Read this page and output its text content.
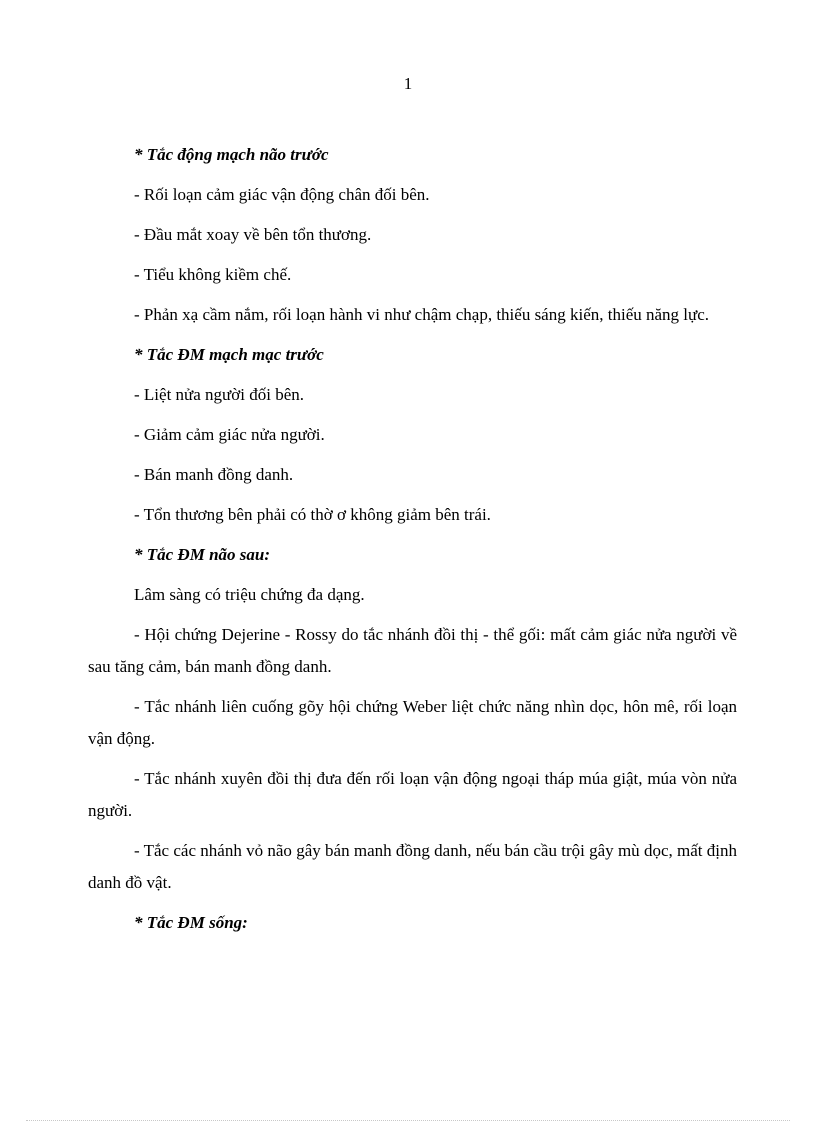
1

* Tắc động mạch não trước

- Rối loạn cảm giác vận động chân đối bên.

- Đầu mắt xoay về bên tổn thương.

- Tiểu không kiềm chế.

- Phản xạ cầm nắm, rối loạn hành vi như chậm chạp, thiếu sáng kiến, thiếu năng lực.

* Tắc ĐM mạch mạc trước

- Liệt nửa người đối bên.

- Giảm cảm giác nửa người.

- Bán manh đồng danh.

- Tổn thương bên phải có thờ ơ không giảm bên trái.

* Tắc ĐM não sau:

Lâm sàng có triệu chứng đa dạng.

- Hội chứng Dejerine - Rossy do tắc nhánh đồi thị - thể gối: mất cảm giác nửa người về sau tăng cảm, bán manh đồng danh.

- Tắc nhánh liên cuống gõy hội chứng Weber liệt chức năng nhìn dọc, hôn mê, rối loạn vận động.

- Tắc nhánh xuyên đồi thị đưa đến rối loạn vận động ngoại tháp múa giật, múa vòn nửa người.

- Tắc các nhánh vỏ não gây bán manh đồng danh, nếu bán cầu trội gây mù dọc, mất định danh đồ vật.

* Tắc ĐM sống:
